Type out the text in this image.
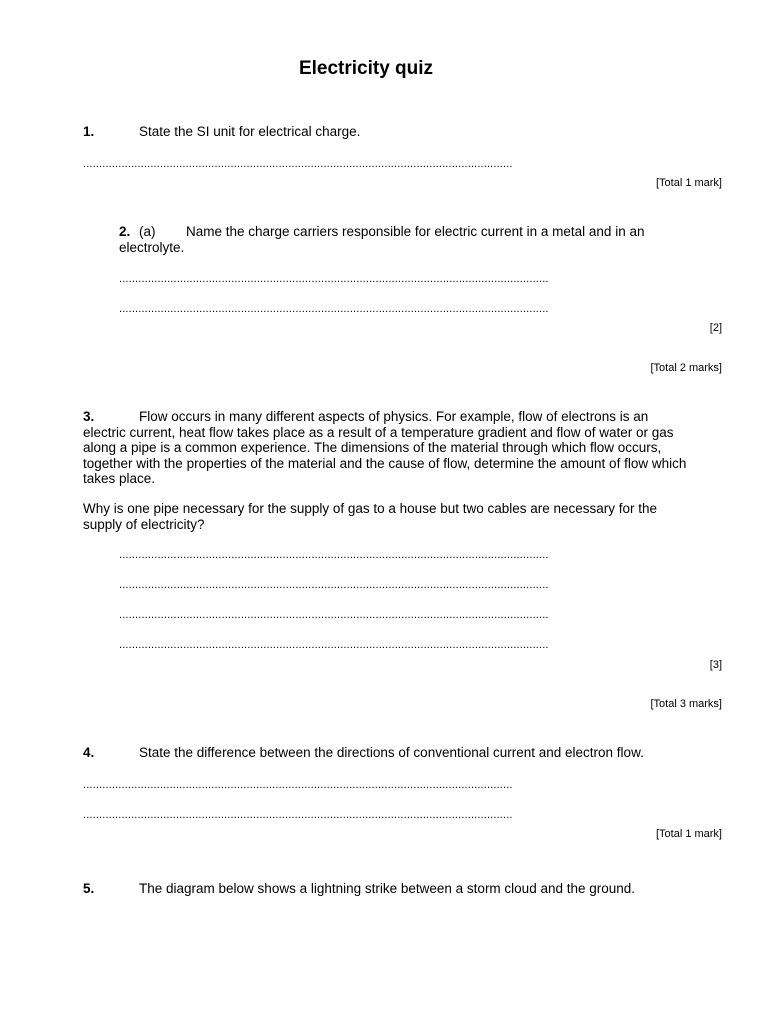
Electricity quiz
1.	State the SI unit for electrical charge.
......................................................................................................................................
[Total 1 mark]
2. (a) Name the charge carriers responsible for electric current in a metal and in an
electrolyte.
......................................................................................................................................
......................................................................................................................................
[2]
[Total 2 marks]
3.	Flow occurs in many different aspects of physics. For example, flow of electrons is an electric current, heat flow takes place as a result of a temperature gradient and flow of water or gas along a pipe is a common experience. The dimensions of the material through which flow occurs, together with the properties of the material and the cause of flow, determine the amount of flow which takes place.
Why is one pipe necessary for the supply of gas to a house but two cables are necessary for the supply of electricity?
......................................................................................................................................
......................................................................................................................................
......................................................................................................................................
......................................................................................................................................
[3]
[Total 3 marks]
4.	State the difference between the directions of conventional current and electron flow.
......................................................................................................................................
......................................................................................................................................
[Total 1 mark]
5.	The diagram below shows a lightning strike between a storm cloud and the ground.
